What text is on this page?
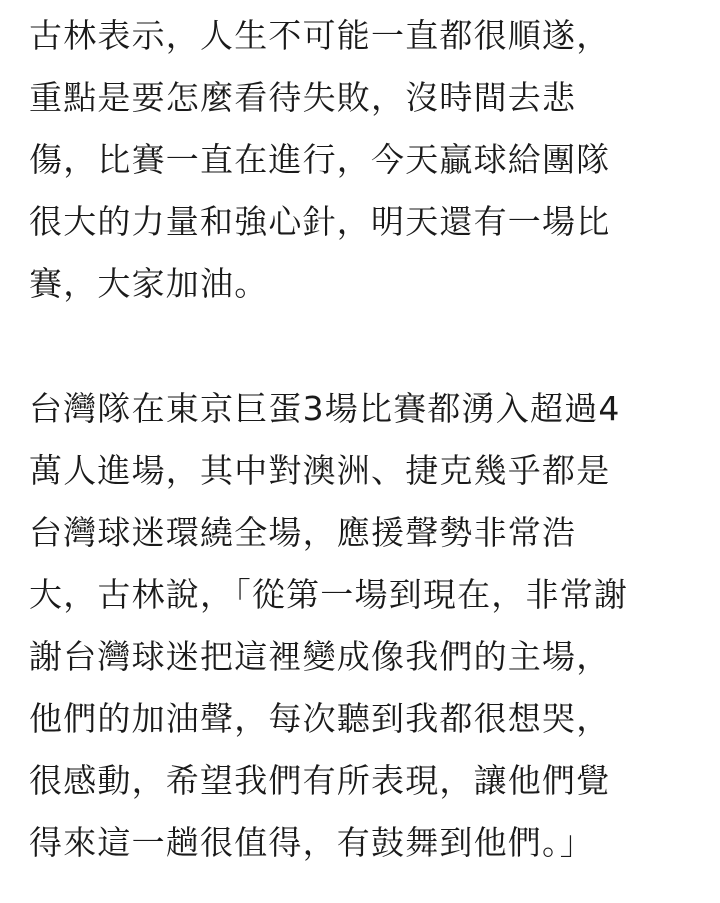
古林表示，人生不可能一直都很順遂，
重點是要怎麼看待失敗，沒時間去悲
傷，比賽一直在進行，今天贏球給團隊
很大的力量和強心針，明天還有一場比
賽，大家加油。
台灣隊在東京巨蛋3場比賽都湧入超過4
萬人進場，其中對澳洲、捷克幾乎都是
台灣球迷環繞全場，應援聲勢非常浩
大，古林說，「從第一場到現在，非常謝
謝台灣球迷把這裡變成像我們的主場，
他們的加油聲，每次聽到我都很想哭，
很感動，希望我們有所表現，讓他們覺
得來這一趟很值得，有鼓舞到他們。」
